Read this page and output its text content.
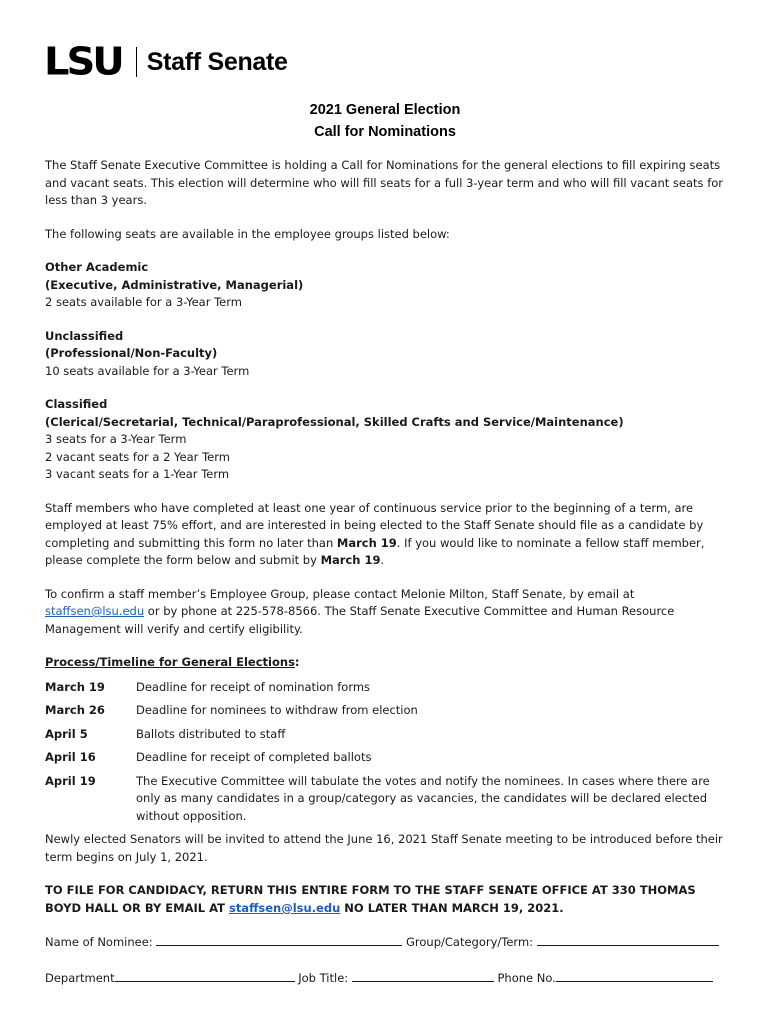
LSU Staff Senate
2021 General Election
Call for Nominations

The Staff Senate Executive Committee is holding a Call for Nominations for the general elections to fill expiring seats and vacant seats. This election will determine who will fill seats for a full 3-year term and who will fill vacant seats for less than 3 years.

The following seats are available in the employee groups listed below:

Other Academic
(Executive, Administrative, Managerial)
2 seats available for a 3-Year Term
Unclassified
(Professional/Non-Faculty)
10 seats available for a 3-Year Term
Classified
(Clerical/Secretarial, Technical/Paraprofessional, Skilled Crafts and Service/Maintenance)
3 seats for a 3-Year Term
2 vacant seats for a 2 Year Term
3 vacant seats for a 1-Year Term

Staff members who have completed at least one year of continuous service prior to the beginning of a term, are employed at least 75% effort, and are interested in being elected to the Staff Senate should file as a candidate by completing and submitting this form no later than March 19. If you would like to nominate a fellow staff member, please complete the form below and submit by March 19.

To confirm a staff member’s Employee Group, please contact Melonie Milton, Staff Senate, by email at staffsen@lsu.edu or by phone at 225-578-8566. The Staff Senate Executive Committee and Human Resource Management will verify and certify eligibility.

Process/Timeline for General Elections:
March 19	Deadline for receipt of nomination forms
March 26	Deadline for nominees to withdraw from election
April 5	Ballots distributed to staff
April 16	Deadline for receipt of completed ballots
April 19	The Executive Committee will tabulate the votes and notify the nominees. In cases where there are only as many candidates in a group/category as vacancies, the candidates will be declared elected without opposition.

Newly elected Senators will be invited to attend the June 16, 2021 Staff Senate meeting to be introduced before their term begins on July 1, 2021.

TO FILE FOR CANDIDACY, RETURN THIS ENTIRE FORM TO THE STAFF SENATE OFFICE AT 330 THOMAS BOYD HALL OR BY EMAIL AT staffsen@lsu.edu NO LATER THAN MARCH 19, 2021.

Name of Nominee:	Group/Category/Term:
Department	Job Title:	Phone No.
